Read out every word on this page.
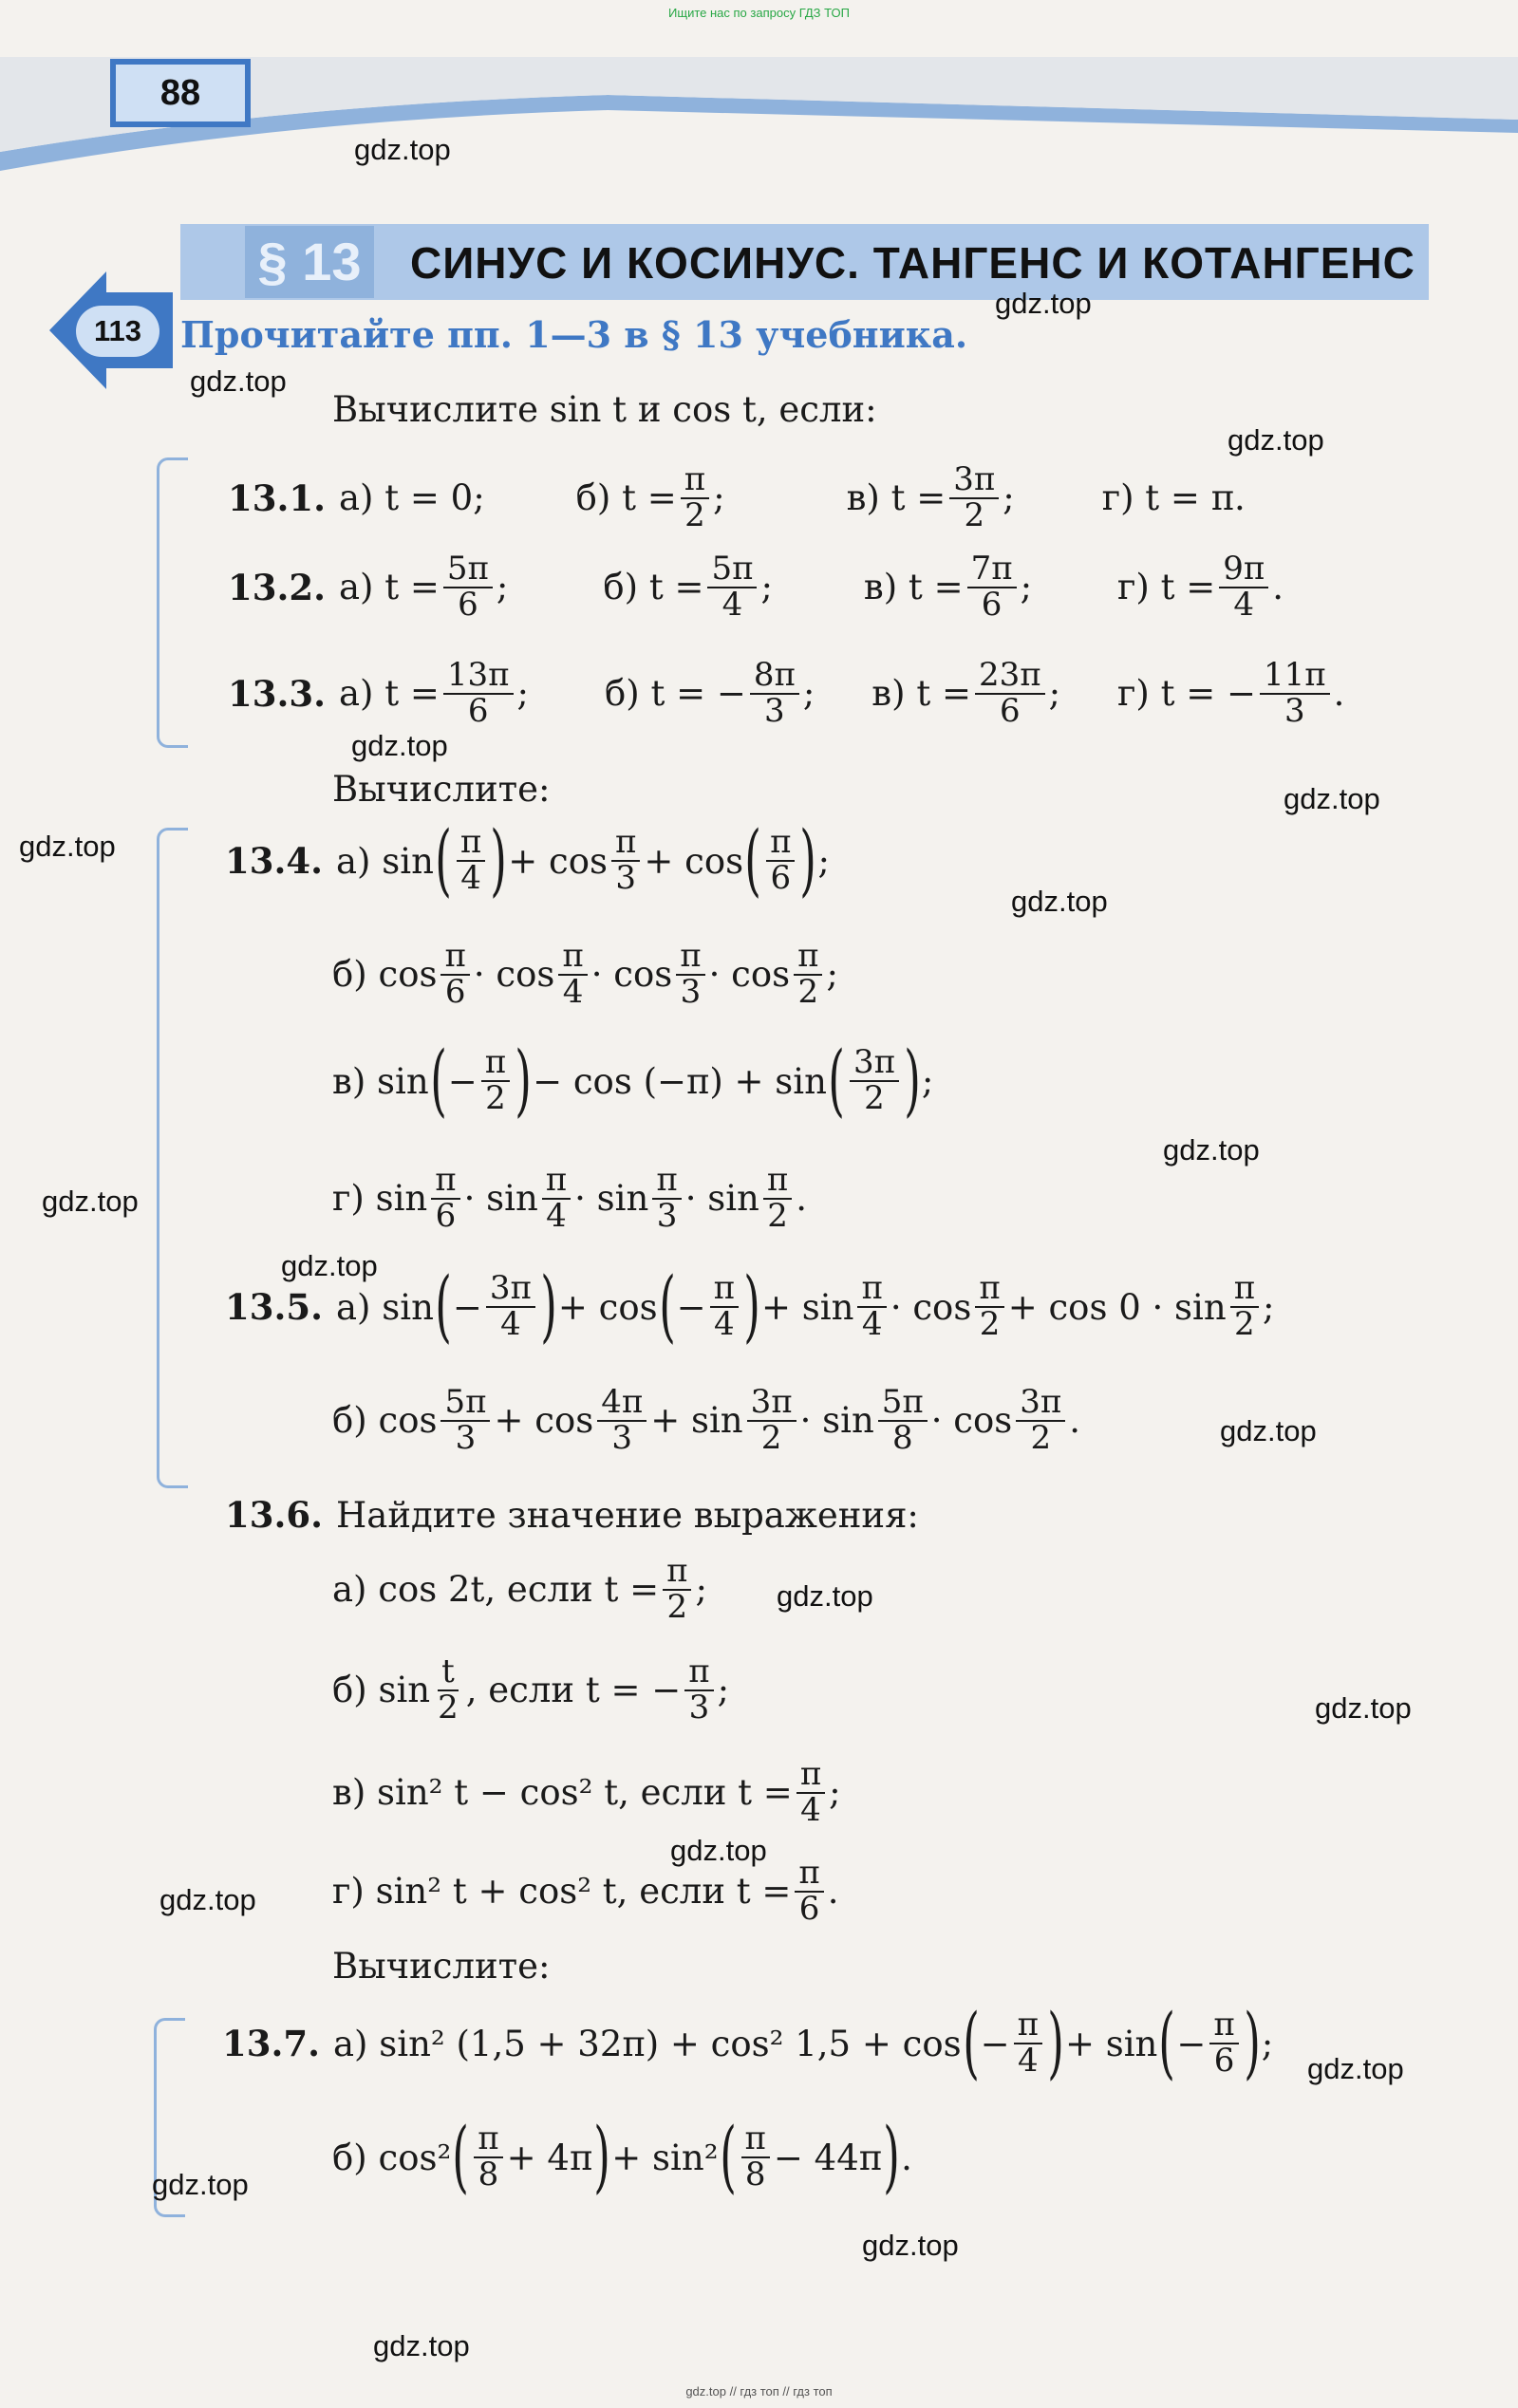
Ищите нас по запросу ГДЗ ТОП
88
§ 13 СИНУС И КОСИНУС. ТАНГЕНС И КОТАНГЕНС
113	Прочитайте пп. 1—3 в § 13 учебника.
Вычислите sin t и cos t, если:
13.1. а) t = 0;	б) $t = \frac{\pi}{2}$ ;	в) $t = \frac{3\pi}{2}$ ; г) t = π.
13.2. а) $t = \frac{5\pi}{6}$ ;	б) $t = \frac{5\pi}{4}$ ;	в) $t = \frac{7\pi}{6}$ ; г) $t = \frac{9\pi}{4}$ .
13.3. а) $t = \frac{13\pi}{6}$ ; б) t = − $\frac{8\pi}{3}$ ; в) $t = \frac{23\pi}{6}$ ; г) t = − $\frac{11\pi}{3}$ .
Вычислите:
13.4. а) sin ( $\frac{\pi}{4}$ ) + $\cos \frac{\pi}{3} + \cos$ ( $\frac{\pi}{6}$ ) ;
б) $\cos \frac{\pi}{6} \cdot \cos \frac{\pi}{4} \cdot \cos \frac{\pi}{3} \cdot \cos \frac{\pi}{2}$ ;
в) sin ( − $\frac{\pi}{2}$ ) − cos (−π) + sin ( $\frac{3\pi}{2}$ ) ;
г) $\sin \frac{\pi}{6} \cdot \sin \frac{\pi}{4} \cdot \sin \frac{\pi}{3} \cdot \sin \frac{\pi}{2}$ .
13.5. а) sin ( − $\frac{3\pi}{4}$ ) + cos ( − $\frac{\pi}{4}$ ) + $\sin \frac{\pi}{4} \cdot \cos \frac{\pi}{2} + \cos 0 \cdot \sin \frac{\pi}{2}$ ;
б) $\cos \frac{5\pi}{3} + \cos \frac{4\pi}{3} + \sin \frac{3\pi}{2} \cdot \sin \frac{5\pi}{8} \cdot \cos \frac{3\pi}{2}$ .
13.6. Найдите значение выражения:
а) cos 2t, если $t = \frac{\pi}{2}$ ;
б) $\sin \frac{t}{2}$ , если t = − $\frac{\pi}{3}$ ;
в) sin² t − cos² t, если $t = \frac{\pi}{4}$ ;
г) sin² t + cos² t, если $t = \frac{\pi}{6}$ .
Вычислите:
13.7. а) sin² (1,5 + 32π) + cos² 1,5 + cos ( − $\frac{\pi}{4}$ ) + sin ( − $\frac{\pi}{6}$ ) ;
б) cos² ( $\frac{\pi}{8} + 4\pi$ ) + sin² ( $\frac{\pi}{8} - 44\pi$ ) .
gdz.top
gdz.top
gdz.top
gdz.top
gdz.top
gdz.top
gdz.top
gdz.top
gdz.top
gdz.top
gdz.top
gdz.top
gdz.top
gdz.top
gdz.top
gdz.top
gdz.top
gdz.top
gdz.top
gdz.top
gdz.top // гдз топ // гдз топ
